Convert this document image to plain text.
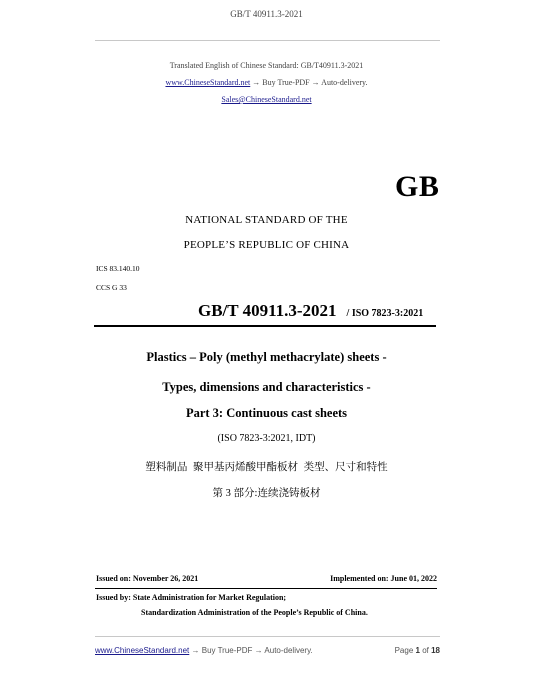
GB/T 40911.3-2021
Translated English of Chinese Standard: GB/T40911.3-2021
www.ChineseStandard.net → Buy True-PDF → Auto-delivery.
Sales@ChineseStandard.net
GB
NATIONAL STANDARD OF THE
PEOPLE’S REPUBLIC OF CHINA
ICS 83.140.10
CCS G 33
GB/T 40911.3-2021 / ISO 7823-3:2021
Plastics – Poly (methyl methacrylate) sheets -
Types, dimensions and characteristics -
Part 3: Continuous cast sheets
(ISO 7823-3:2021, IDT)
塑料制品 聚甲基丙烯酸甲酯板材 类型、尺寸和特性
第 3 部分:连续浇铸板材
Issued on: November 26, 2021	Implemented on: June 01, 2022
Issued by: State Administration for Market Regulation;
Standardization Administration of the People’s Republic of China.
www.ChineseStandard.net → Buy True-PDF → Auto-delivery.	Page 1 of 18
